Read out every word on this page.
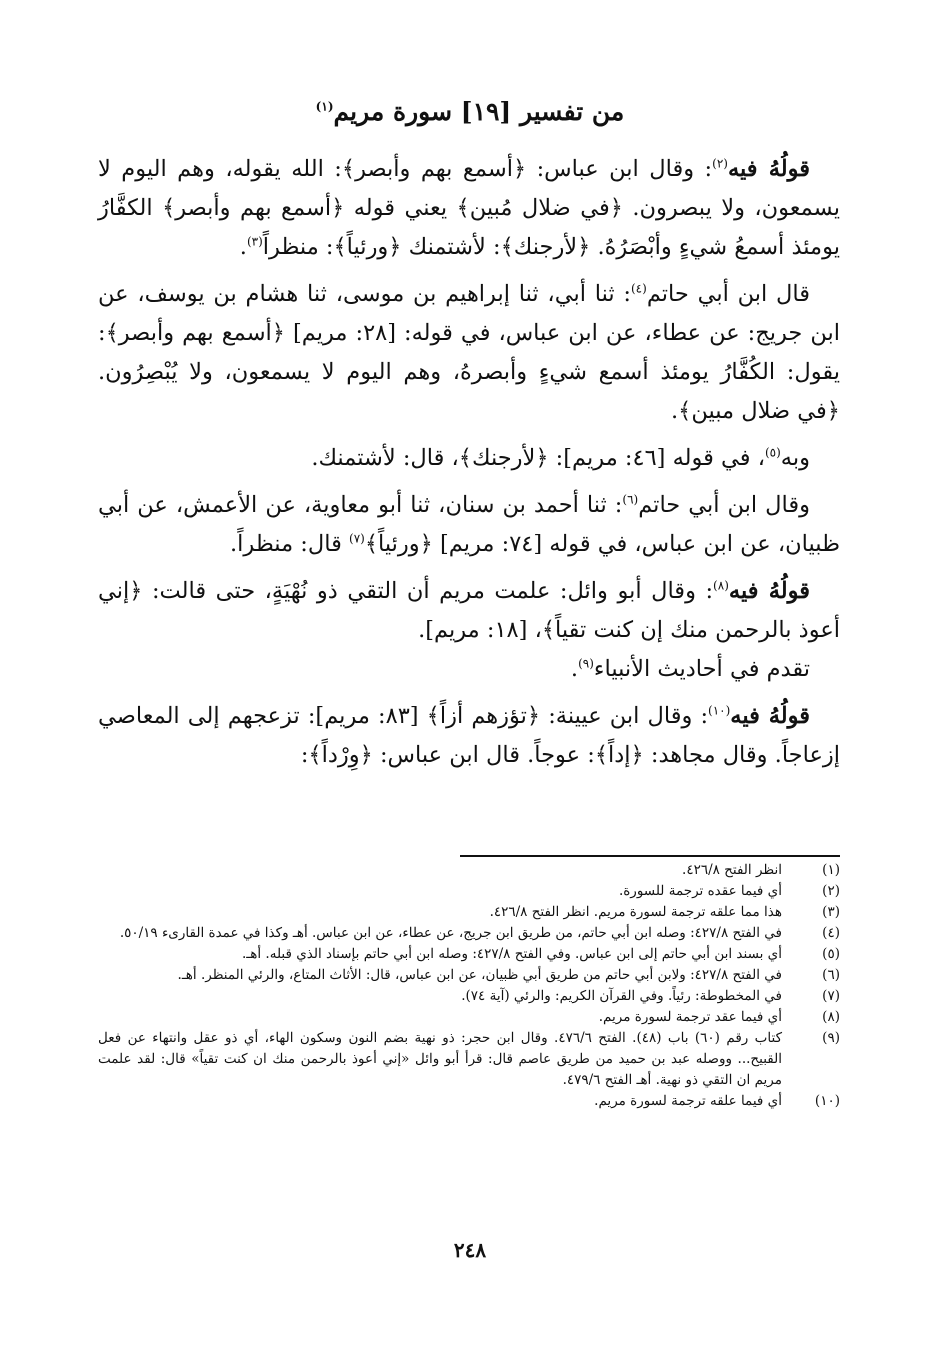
من تفسير [١٩] سورة مريم$^{(١)}$

قولُهُ فيه$^{(٢)}$: وقال ابن عباس: ﴿أسمع بهم وأبصر﴾: الله يقوله، وهم اليوم لا يسمعون، ولا يبصرون. ﴿في ضلال مُبين﴾ يعني قوله ﴿أسمع بهم وأبصر﴾ الكفَّارُ يومئذ أسمعُ شيءٍ وأبْصَرُهُ. ﴿لأرجنك﴾: لأشتمنك ﴿ورئياً﴾: منظراً$^{(٣)}$.

قال ابن أبي حاتم$^{(٤)}$: ثنا أبي، ثنا إبراهيم بن موسى، ثنا هشام بن يوسف، عن ابن جريج: عن عطاء، عن ابن عباس، في قوله: [٢٨: مريم] ﴿أسمع بهم وأبصر﴾: يقول: الكُفَّارُ يومئذ أسمع شيءٍ وأبصرهُ، وهم اليوم لا يسمعون، ولا يُبْصِرُون. ﴿في ضلال مبين﴾.

وبه$^{(٥)}$، في قوله [٤٦: مريم]: ﴿لأرجنك﴾، قال: لأشتمنك.

وقال ابن أبي حاتم$^{(٦)}$: ثنا أحمد بن سنان، ثنا أبو معاوية، عن الأعمش، عن أبي ظبيان، عن ابن عباس، في قوله [٧٤: مريم] ﴿ورئياً﴾$^{(٧)}$ قال: منظراً.

قولُهُ فيه$^{(٨)}$: وقال أبو وائل: علمت مريم أن التقي ذو نُهْيَةٍ، حتى قالت: ﴿إني أعوذ بالرحمن منك إن كنت تقياً﴾، [١٨: مريم].

تقدم في أحاديث الأنبياء$^{(٩)}$.

قولُهُ فيه$^{(١٠)}$: وقال ابن عيينة: ﴿تؤزهم أزاً﴾ [٨٣: مريم]: تزعجهم إلى المعاصي إزعاجاً. وقال مجاهد: ﴿إداً﴾: عوجاً. قال ابن عباس: ﴿وِرْداً﴾:

(١)
انظر الفتح ٤٢٦/٨.
(٢)
أي فيما عقده ترجمة للسورة.
(٣)
هذا مما علقه ترجمة لسورة مريم. انظر الفتح ٤٢٦/٨.
(٤)
في الفتح ٤٢٧/٨: وصله ابن أبي حاتم، من طريق ابن جريج، عن عطاء، عن ابن عباس. أهـ وكذا في عمدة القارىء ٥٠/١٩.
(٥)
أي بسند ابن أبي حاتم إلى ابن عباس. وفي الفتح ٤٢٧/٨: وصله ابن أبي حاتم بإسناد الذي قبله. أهـ.
(٦)
في الفتح ٤٢٧/٨: ولابن أبي حاتم من طريق أبي ظبيان، عن ابن عباس، قال: الأثاث المتاع، والرئي المنظر. أهـ.
(٧)
في المخطوطة: رئياً. وفي القرآن الكريم: والرئي (آية ٧٤).
(٨)
أي فيما عقد ترجمة لسورة مريم.
(٩)
كتاب رقم (٦٠) باب (٤٨). الفتح ٤٧٦/٦. وقال ابن حجر: ذو نهية بضم النون وسكون الهاء، أي ذو عقل وانتهاء عن فعل القبيح... ووصله عبد بن حميد من طريق عاصم قال: قرأ أبو وائل «إني أعوذ بالرحمن منك ان كنت تقياً» قال: لقد علمت مريم ان التقي ذو نهية. أهـ الفتح ٤٧٩/٦.
(١٠)
أي فيما علقه ترجمة لسورة مريم.
٢٤٨
